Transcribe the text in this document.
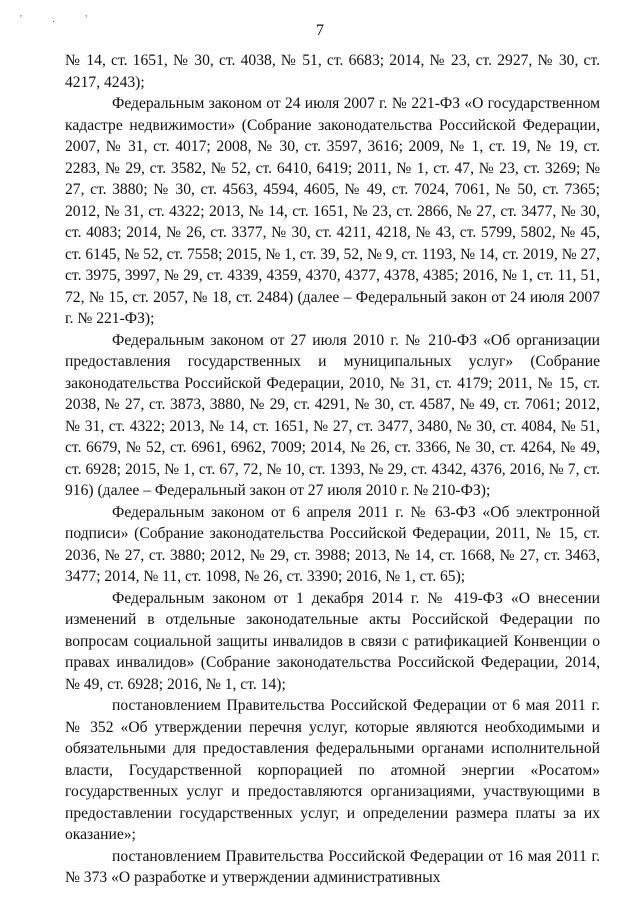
' . '
7

№ 14, ст. 1651, № 30, ст. 4038, № 51, ст. 6683; 2014, № 23, ст. 2927, № 30, ст. 4217, 4243);

Федеральным законом от 24 июля 2007 г. № 221-ФЗ «О государственном кадастре недвижимости» (Собрание законодательства Российской Федерации, 2007, № 31, ст. 4017; 2008, № 30, ст. 3597, 3616; 2009, № 1, ст. 19, № 19, ст. 2283, № 29, ст. 3582, № 52, ст. 6410, 6419; 2011, № 1, ст. 47, № 23, ст. 3269; № 27, ст. 3880; № 30, ст. 4563, 4594, 4605, № 49, ст. 7024, 7061, № 50, ст. 7365; 2012, № 31, ст. 4322; 2013, № 14, ст. 1651, № 23, ст. 2866, № 27, ст. 3477, № 30, ст. 4083; 2014, № 26, ст. 3377, № 30, ст. 4211, 4218, № 43, ст. 5799, 5802, № 45, ст. 6145, № 52, ст. 7558; 2015, № 1, ст. 39, 52, № 9, ст. 1193, № 14, ст. 2019, № 27, ст. 3975, 3997, № 29, ст. 4339, 4359, 4370, 4377, 4378, 4385; 2016, № 1, ст. 11, 51, 72, № 15, ст. 2057, № 18, ст. 2484) (далее – Федеральный закон от 24 июля 2007 г. № 221-ФЗ);

Федеральным законом от 27 июля 2010 г. № 210-ФЗ «Об организации предоставления государственных и муниципальных услуг» (Собрание законодательства Российской Федерации, 2010, № 31, ст. 4179; 2011, № 15, ст. 2038, № 27, ст. 3873, 3880, № 29, ст. 4291, № 30, ст. 4587, № 49, ст. 7061; 2012, № 31, ст. 4322; 2013, № 14, ст. 1651, № 27, ст. 3477, 3480, № 30, ст. 4084, № 51, ст. 6679, № 52, ст. 6961, 6962, 7009; 2014, № 26, ст. 3366, № 30, ст. 4264, № 49, ст. 6928; 2015, № 1, ст. 67, 72, № 10, ст. 1393, № 29, ст. 4342, 4376, 2016, № 7, ст. 916) (далее – Федеральный закон от 27 июля 2010 г. № 210-ФЗ);

Федеральным законом от 6 апреля 2011 г. № 63-ФЗ «Об электронной подписи» (Собрание законодательства Российской Федерации, 2011, № 15, ст. 2036, № 27, ст. 3880; 2012, № 29, ст. 3988; 2013, № 14, ст. 1668, № 27, ст. 3463, 3477; 2014, № 11, ст. 1098, № 26, ст. 3390; 2016, № 1, ст. 65);

Федеральным законом от 1 декабря 2014 г. № 419-ФЗ «О внесении изменений в отдельные законодательные акты Российской Федерации по вопросам социальной защиты инвалидов в связи с ратификацией Конвенции о правах инвалидов» (Собрание законодательства Российской Федерации, 2014, № 49, ст. 6928; 2016, № 1, ст. 14);

постановлением Правительства Российской Федерации от 6 мая 2011 г. № 352 «Об утверждении перечня услуг, которые являются необходимыми и обязательными для предоставления федеральными органами исполнительной власти, Государственной корпорацией по атомной энергии «Росатом» государственных услуг и предоставляются организациями, участвующими в предоставлении государственных услуг, и определении размера платы за их оказание»;

постановлением Правительства Российской Федерации от 16 мая 2011 г. № 373 «О разработке и утверждении административных
